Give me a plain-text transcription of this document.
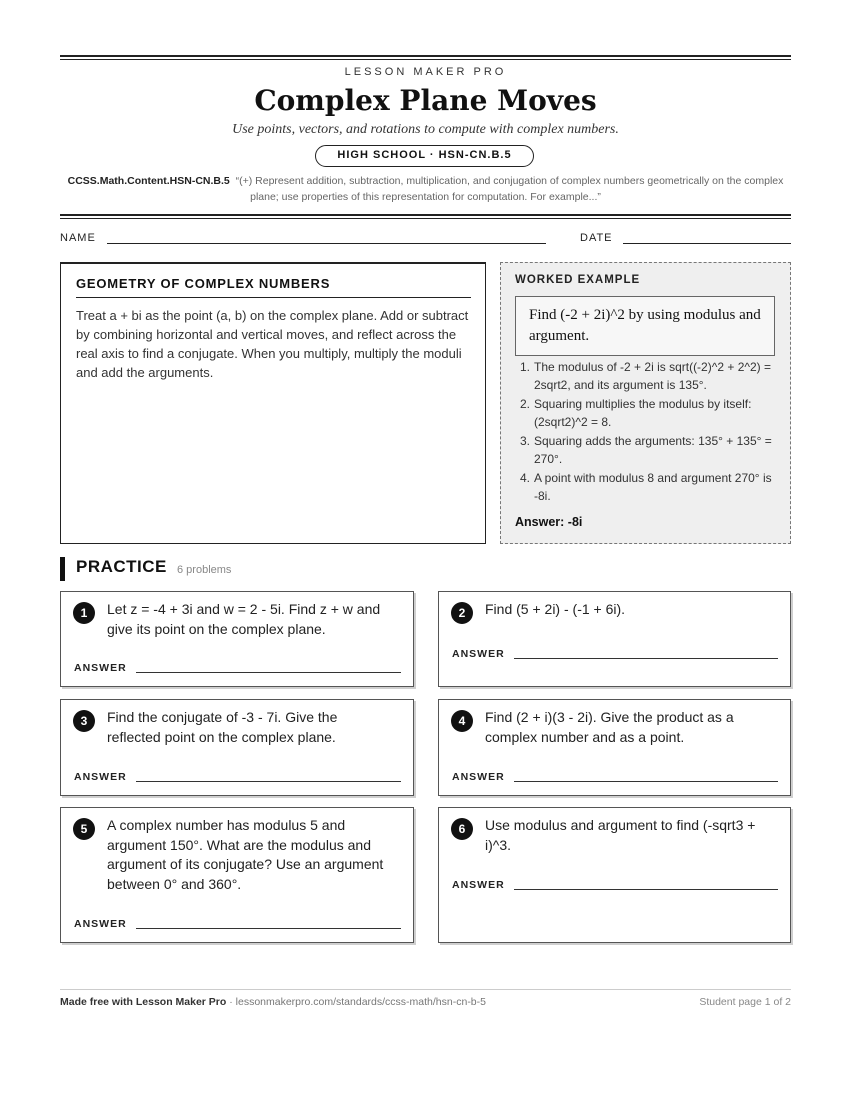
LESSON MAKER PRO
Complex Plane Moves
Use points, vectors, and rotations to compute with complex numbers.
HIGH SCHOOL · HSN-CN.B.5
CCSS.Math.Content.HSN-CN.B.5 “(+) Represent addition, subtraction, multiplication, and conjugation of complex numbers geometrically on the complex plane; use properties of this representation for computation. For example...”
NAME	DATE
GEOMETRY OF COMPLEX NUMBERS
Treat a + bi as the point (a, b) on the complex plane. Add or subtract by combining horizontal and vertical moves, and reflect across the real axis to find a conjugate. When you multiply, multiply the moduli and add the arguments.
WORKED EXAMPLE
Find (-2 + 2i)^2 by using modulus and argument.
1. The modulus of -2 + 2i is sqrt((-2)^2 + 2^2) = 2sqrt2, and its argument is 135°.
2. Squaring multiplies the modulus by itself: (2sqrt2)^2 = 8.
3. Squaring adds the arguments: 135° + 135° = 270°.
4. A point with modulus 8 and argument 270° is -8i.
Answer: -8i
PRACTICE 6 problems
1	Let z = -4 + 3i and w = 2 - 5i. Find z + w and give its point on the complex plane.
ANSWER
2	Find (5 + 2i) - (-1 + 6i).
ANSWER
3	Find the conjugate of -3 - 7i. Give the reflected point on the complex plane.
ANSWER
4	Find (2 + i)(3 - 2i). Give the product as a complex number and as a point.
ANSWER
5	A complex number has modulus 5 and argument 150°. What are the modulus and argument of its conjugate? Use an argument between 0° and 360°.
ANSWER
6	Use modulus and argument to find (-sqrt3 + i)^3.
ANSWER
Made free with Lesson Maker Pro · lessonmakerpro.com/standards/ccss-math/hsn-cn-b-5	Student page 1 of 2
